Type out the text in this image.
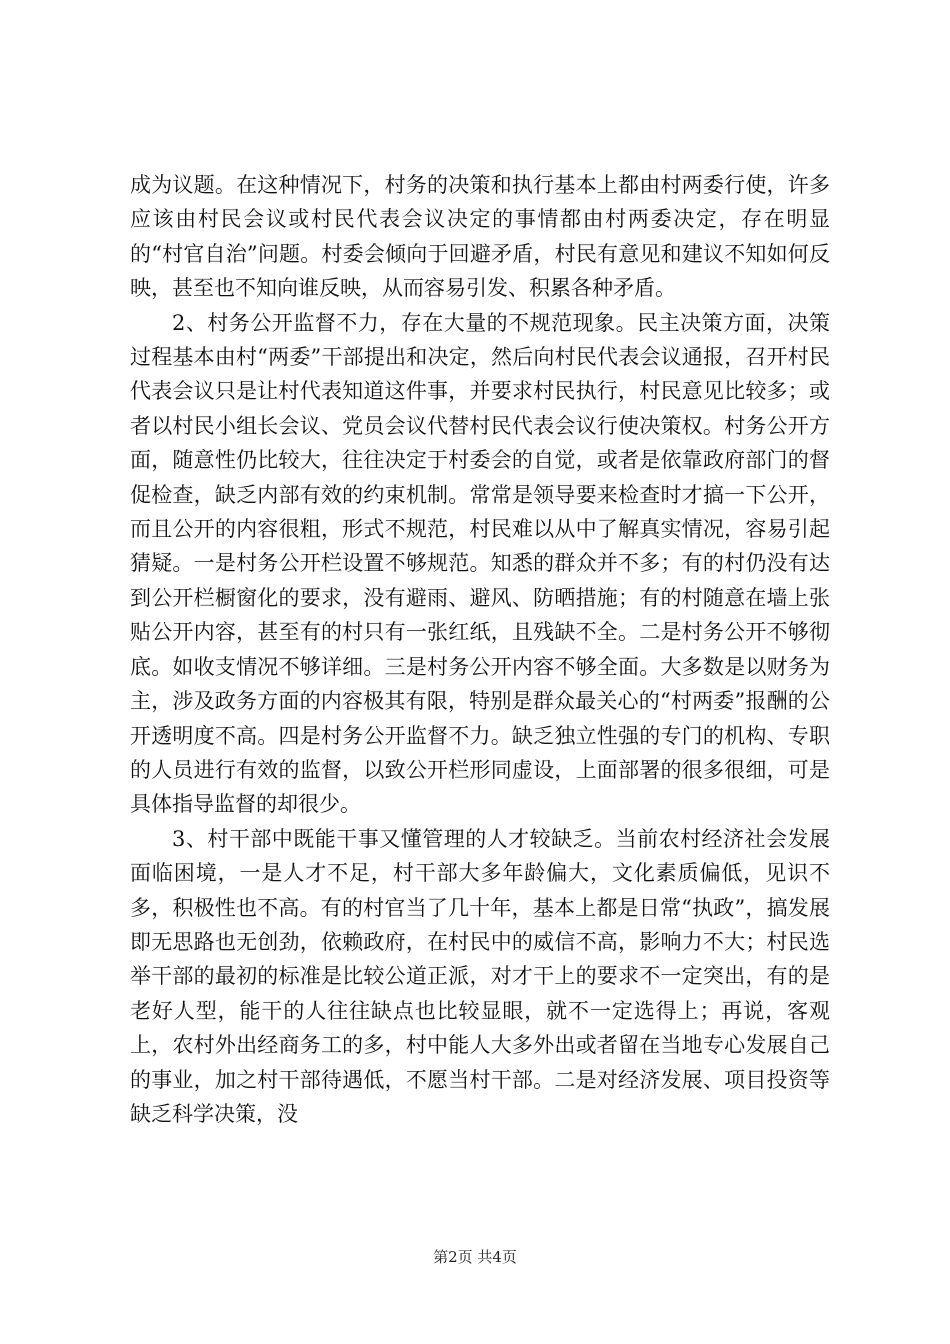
成为议题。在这种情况下，村务的决策和执行基本上都由村两委行使，许多应该由村民会议或村民代表会议决定的事情都由村两委决定，存在明显的“村官自治”问题。村委会倾向于回避矛盾，村民有意见和建议不知如何反映，甚至也不知向谁反映，从而容易引发、积累各种矛盾。

2、村务公开监督不力，存在大量的不规范现象。民主决策方面，决策过程基本由村“两委”干部提出和决定，然后向村民代表会议通报，召开村民代表会议只是让村代表知道这件事，并要求村民执行，村民意见比较多；或者以村民小组长会议、党员会议代替村民代表会议行使决策权。村务公开方面，随意性仍比较大，往往决定于村委会的自觉，或者是依靠政府部门的督促检查，缺乏内部有效的约束机制。常常是领导要来检查时才搞一下公开，而且公开的内容很粗，形式不规范，村民难以从中了解真实情况，容易引起猜疑。一是村务公开栏设置不够规范。知悉的群众并不多；有的村仍没有达到公开栏橱窗化的要求，没有避雨、避风、防晒措施；有的村随意在墙上张贴公开内容，甚至有的村只有一张红纸，且残缺不全。二是村务公开不够彻底。如收支情况不够详细。三是村务公开内容不够全面。大多数是以财务为主，涉及政务方面的内容极其有限，特别是群众最关心的“村两委”报酬的公开透明度不高。四是村务公开监督不力。缺乏独立性强的专门的机构、专职的人员进行有效的监督，以致公开栏形同虚设，上面部署的很多很细，可是具体指导监督的却很少。

3、村干部中既能干事又懂管理的人才较缺乏。当前农村经济社会发展面临困境，一是人才不足，村干部大多年龄偏大，文化素质偏低，见识不多，积极性也不高。有的村官当了几十年，基本上都是日常“执政”，搞发展即无思路也无创劲，依赖政府，在村民中的威信不高，影响力不大；村民选举干部的最初的标准是比较公道正派，对才干上的要求不一定突出，有的是老好人型，能干的人往往缺点也比较显眼，就不一定选得上；再说，客观上，农村外出经商务工的多，村中能人大多外出或者留在当地专心发展自己的事业，加之村干部待遇低，不愿当村干部。二是对经济发展、项目投资等缺乏科学决策，没

第2页 共4页
